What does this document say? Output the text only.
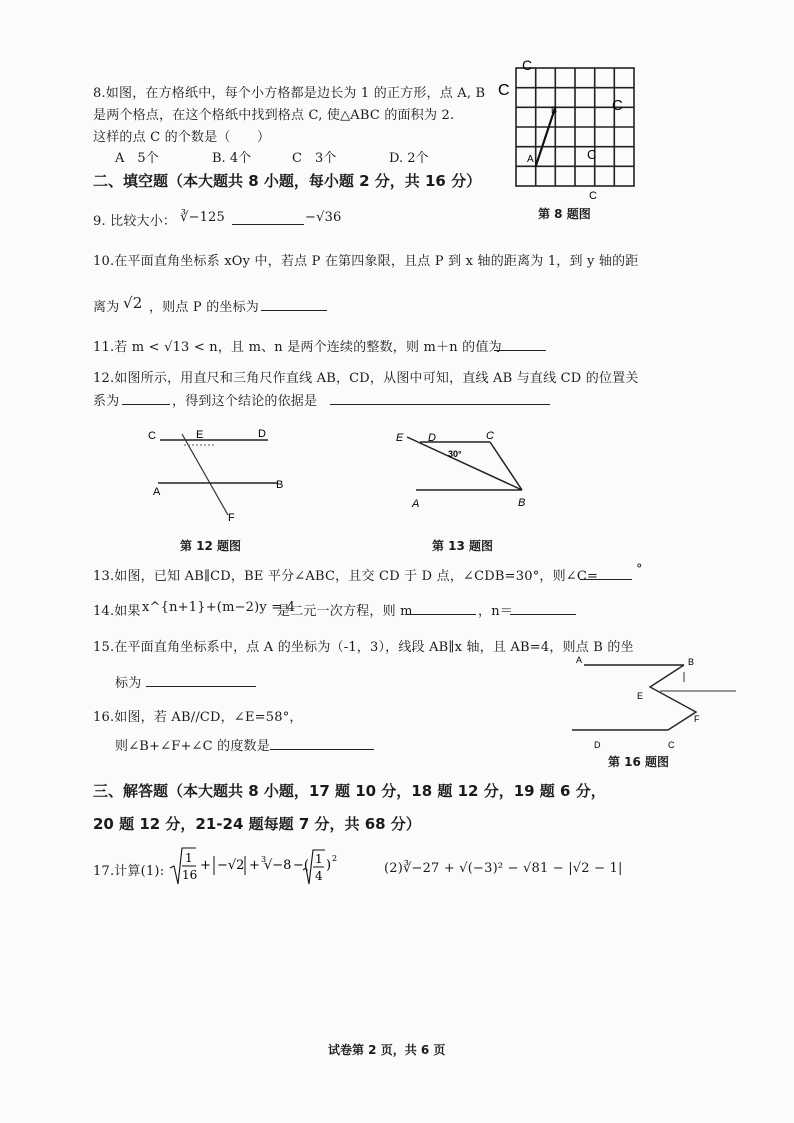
8.如图，在方格纸中，每个小方格都是边长为 1 的正方形，点 A, B
是两个格点，在这个格纸中找到格点 C, 使△ABC 的面积为 2.
这样的点 C 的个数是（　　）
A　5个	B. 4个	C　3个	D. 2个	A
B	C
C
C
C
C
第 8 题图
二、填空题（本大题共 8 小题，每小题 2 分，共 16 分）
9. 比较大小： ∛−125	−√36
10.在平面直角坐标系 xOy 中，若点 P 在第四象限，且点 P 到 x 轴的距离为 1，到 y 轴的距
离为 √2 ，则点 P 的坐标为
11.若 m < √13 < n，且 m、n 是两个连续的整数，则 m＋n 的值为
12.如图所示，用直尺和三角尺作直线 AB，CD，从图中可知，直线 AB 与直线 CD 的位置关
系为	，得到这个结论的依据是
C	E	D
A
B
F
第 12 题图
E D	C
A	B
30°
第 13 题图
13.如图，已知 AB∥CD，BE 平分∠ABC，且交 CD 于 D 点，∠CDB=30°，则∠C=	°
14.如果 x^{n+1}+(m−2)y = 4
是二元一次方程，则 m	，n＝
15.在平面直角坐标系中，点 A 的坐标为（-1，3），线段 AB∥x 轴，且 AB=4，则点 B 的坐
标为
A	B
E
F
D	C
第 16 题图
16.如图，若 AB//CD，∠E=58°，
则∠B+∠F+∠C 的度数是
三、解答题（本大题共 8 小题，17 题 10 分，18 题 12 分，19 题 6 分，
20 题 12 分，21-24 题每题 7 分，共 68 分）
17.计算(1):
1
16
+ −√2 + 3
√−8 −( 1
4
) 2
(2)∛−27 + √(−3)² − √81 − |√2 − 1|
试卷第 2 页，共 6 页
